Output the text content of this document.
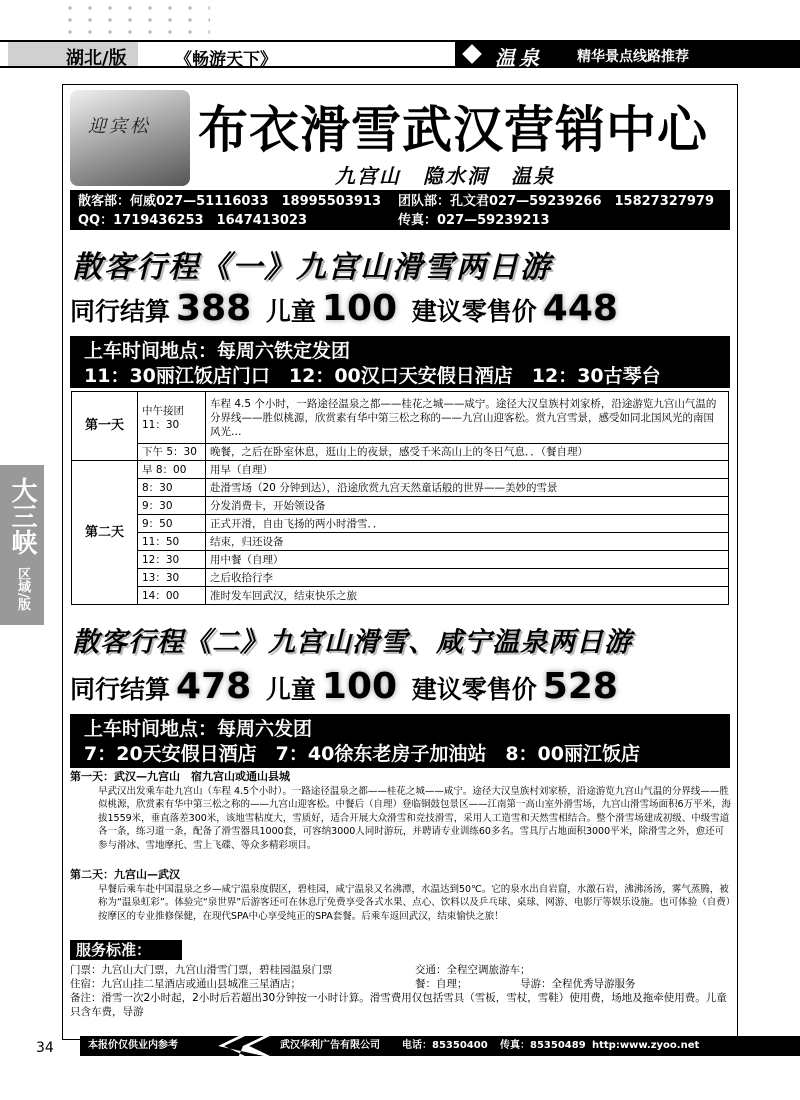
湖北/版	《畅游天下》	温泉 精华景点线路推荐
大三峡
区域/版
迎宾松 布衣滑雪武汉营销中心
九宫山　隐水洞　温泉
散客部：何威027—51116033　18995503913 团队部：孔文君027—59239266　15827327979
QQ：1719436253　1647413023	传真：027—59239213
散客行程《一》九宫山滑雪两日游
同行结算 388 儿童 100 建议零售价 448
上车时间地点：每周六铁定发团
11：30丽江饭店门口　12：00汉口天安假日酒店　12：30古琴台
第一天	中午接团 11：30	车程 4.5 个小时，一路途径温泉之都——桂花之城——咸宁。途径大汉皇族村刘家桥，沿途游览九宫山气温的分界线——胜似桃源，欣赏素有华中第三松之称的——九宫山迎客松。赏九宫雪景，感受如同北国风光的南国风光…
	下午 5：30	晚餐，之后在卧室休息，逛山上的夜景，感受千米高山上的冬日气息．．（餐自理）
第二天	早 8：00	用早（自理）
	8：30	赴滑雪场（20 分钟到达），沿途欣赏九宫天然童话般的世界——美妙的雪景
	9：30	分发消费卡，开始领设备
	9：50	正式开滑，自由飞扬的两小时滑雪．．
	11：50	结束，归还设备
	12：30	用中餐（自理）
	13：30	之后收拾行李
	14：00	准时发车回武汉，结束快乐之旅
散客行程《二》九宫山滑雪、咸宁温泉两日游
同行结算 478 儿童 100 建议零售价 528
上车时间地点：每周六发团
7：20天安假日酒店　7：40徐东老房子加油站　8：00丽江饭店
第一天：武汉—九宫山　宿九宫山或通山县城
早武汉出发乘车赴九宫山（车程 4.5个小时）。一路途径温泉之都——桂花之城——咸宁。途径大汉皇族村刘家桥，沿途游览九宫山气温的分界线——胜似桃源，欣赏素有华中第三松之称的——九宫山迎客松。中餐后（自理）登临铜鼓包景区——江南第一高山室外滑雪场，九宫山滑雪场面积6万平米，海拔1559米，垂直落差300米，该地雪粘度大，雪质好，适合开展大众滑雪和竞技滑雪，采用人工造雪和天然雪相结合。整个滑雪场建成初级、中级雪道各一条，练习道一条，配备了滑雪器具1000套，可容纳3000人同时游玩，并聘请专业训练60多名。雪具厅占地面积3000平米，除滑雪之外，愈还可参与滑冰、雪地摩托、雪上飞碟、等众多精彩项目。
第二天：九宫山—武汉
早餐后乘车赴中国温泉之乡—咸宁温泉度假区，碧桂园，咸宁温泉又名沸潭，水温达到50℃。它的泉水出自岩窟，水激石岩，沸沸汤汤，雾气蒸腾，被称为“温泉虹彩”。体验完“泉世界”后游客还可在休息厅免费享受各式水果、点心、饮料以及乒乓球、桌球、网游、电影厅等娱乐设施。也可体验（自费）按摩区的专业推修保健，在现代SPA中心享受纯正的SPA套餐。后乘车返回武汉，结束愉快之旅！
服务标准：
门票：九宫山大门票，九宫山滑雪门票，碧桂园温泉门票	交通：全程空调旅游车；
住宿：九宫山挂二星酒店或通山县城准三星酒店；	餐：自理；	导游：全程优秀导游服务
备注：滑雪一次2小时起，2小时后若超出30分钟按一小时计算。滑雪费用仅包括雪具（雪板，雪杖，雪鞋）使用费，场地及拖牵使用费。儿童只含车费，导游
34	本报价仅供业内参考	武汉华利广告有限公司 电话：85350400 传真：85350489 http:www.zyoo.net
